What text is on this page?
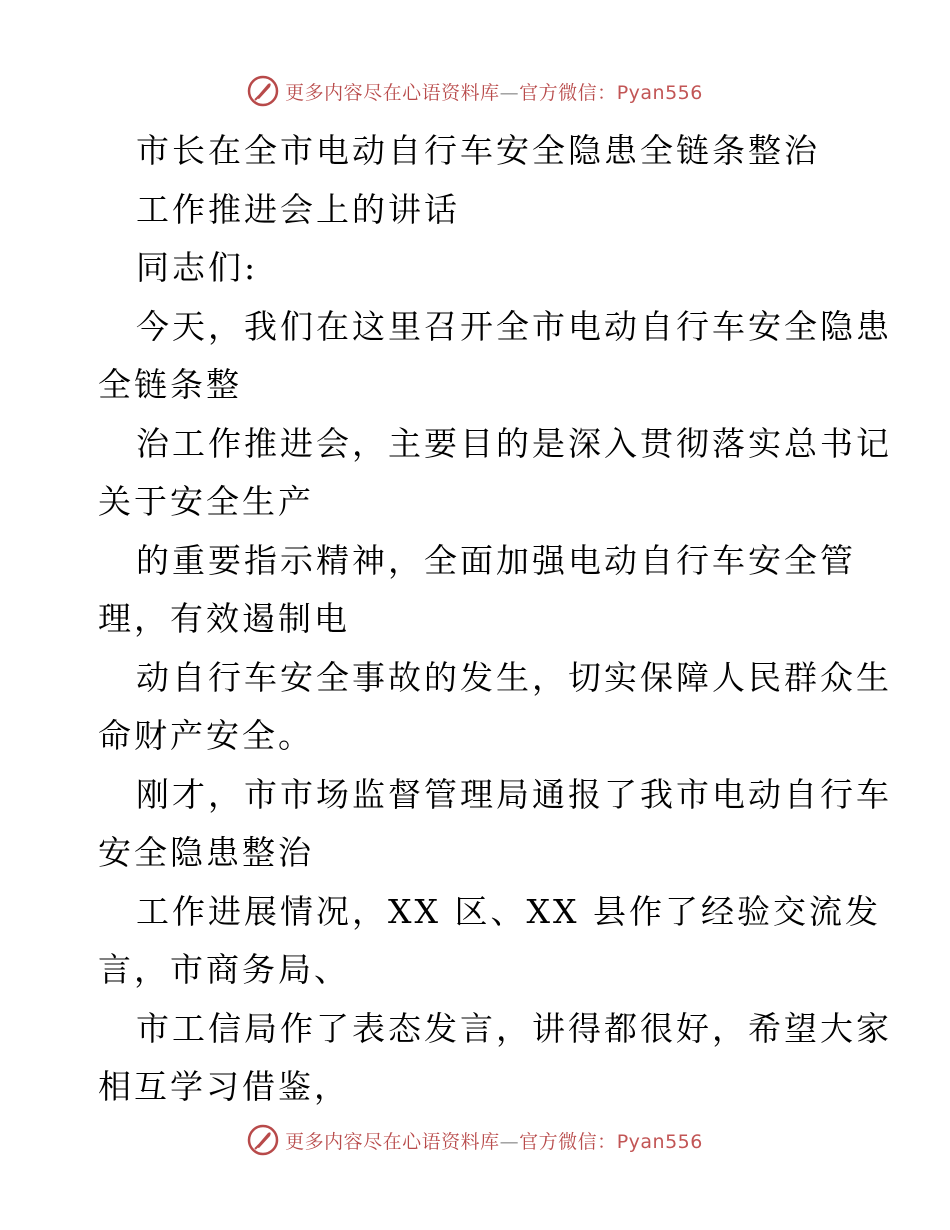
更多内容尽在心语资料库—官方微信：Pyan556
市长在全市电动自行车安全隐患全链条整治
工作推进会上的讲话
同志们:
今天，我们在这里召开全市电动自行车安全隐患
全链条整
治工作推进会，主要目的是深入贯彻落实总书记
关于安全生产
的重要指示精神，全面加强电动自行车安全管
理，有效遏制电
动自行车安全事故的发生，切实保障人民群众生
命财产安全。
刚才，市市场监督管理局通报了我市电动自行车
安全隐患整治
工作进展情况，XX 区、XX 县作了经验交流发
言，市商务局、
市工信局作了表态发言，讲得都很好，希望大家
相互学习借鉴，
更多内容尽在心语资料库—官方微信：Pyan556
